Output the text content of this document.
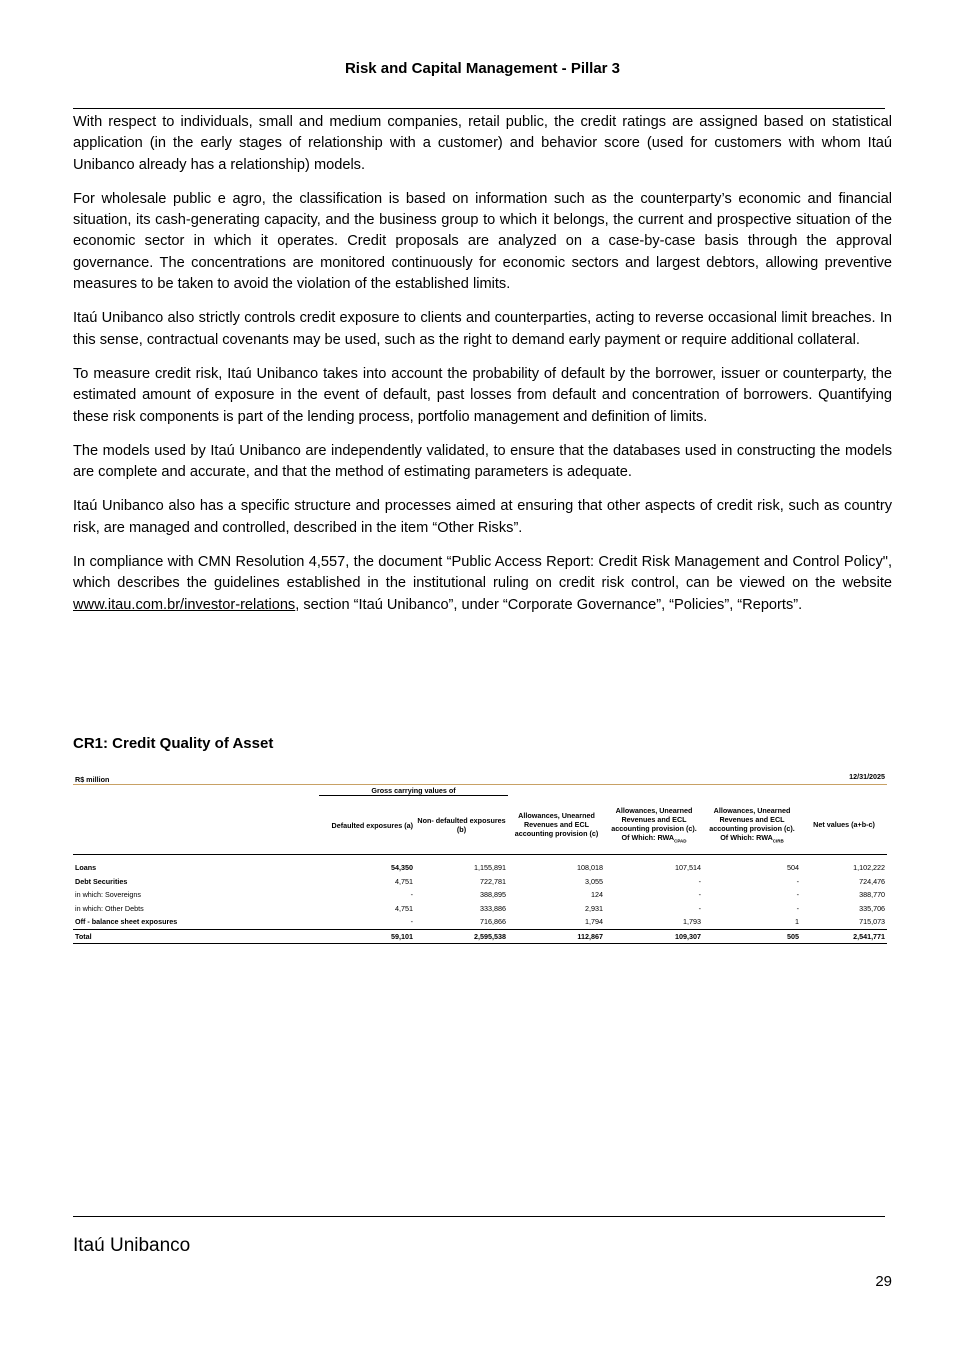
Risk and Capital Management - Pillar 3

With respect to individuals, small and medium companies, retail public, the credit ratings are assigned based on statistical application (in the early stages of relationship with a customer) and behavior score (used for customers with whom Itaú Unibanco already has a relationship) models.

For wholesale public e agro, the classification is based on information such as the counterparty’s economic and financial situation, its cash-generating capacity, and the business group to which it belongs, the current and prospective situation of the economic sector in which it operates. Credit proposals are analyzed on a case-by-case basis through the approval governance. The concentrations are monitored continuously for economic sectors and largest debtors, allowing preventive measures to be taken to avoid the violation of the established limits.

Itaú Unibanco also strictly controls credit exposure to clients and counterparties, acting to reverse occasional limit breaches. In this sense, contractual covenants may be used, such as the right to demand early payment or require additional collateral.

To measure credit risk, Itaú Unibanco takes into account the probability of default by the borrower, issuer or counterparty, the estimated amount of exposure in the event of default, past losses from default and concentration of borrowers. Quantifying these risk components is part of the lending process, portfolio management and definition of limits.

The models used by Itaú Unibanco are independently validated, to ensure that the databases used in constructing the models are complete and accurate, and that the method of estimating parameters is adequate.

Itaú Unibanco also has a specific structure and processes aimed at ensuring that other aspects of credit risk, such as country risk, are managed and controlled, described in the item “Other Risks”.

In compliance with CMN Resolution 4,557, the document “Public Access Report: Credit Risk Management and Control Policy", which describes the guidelines established in the institutional ruling on credit risk control, can be viewed on the website www.itau.com.br/investor-relations, section “Itaú Unibanco”, under “Corporate Governance”, “Policies”, “Reports”.

CR1: Credit Quality of Asset
R$ million			12/31/2025			
	Gross carrying values of					
	Defaulted exposures (a)	Non- defaulted exposures (b)	Allowances, Unearned Revenues and ECL accounting provision (c)	Allowances, Unearned Revenues and ECL accounting provision (c). Of Which: $RWA_{CPAD}$	Allowances, Unearned Revenues and ECL accounting provision (c). Of Which: $RWA_{CIRB}$	Net values (a+b-c)

Loans	54,350	1,155,891	108,018	107,514	504	1,102,222
Debt Securities	4,751	722,781	3,055	-	-	724,476
in which: Sovereigns	-	388,895	124	-	-	388,770
in which: Other Debts	4,751	333,886	2,931	-	-	335,706
Off - balance sheet exposures	-	716,866	1,794	1,793	1	715,073
Total	59,101	2,595,538	112,867	109,307	505	2,541,771
Itaú Unibanco
29
